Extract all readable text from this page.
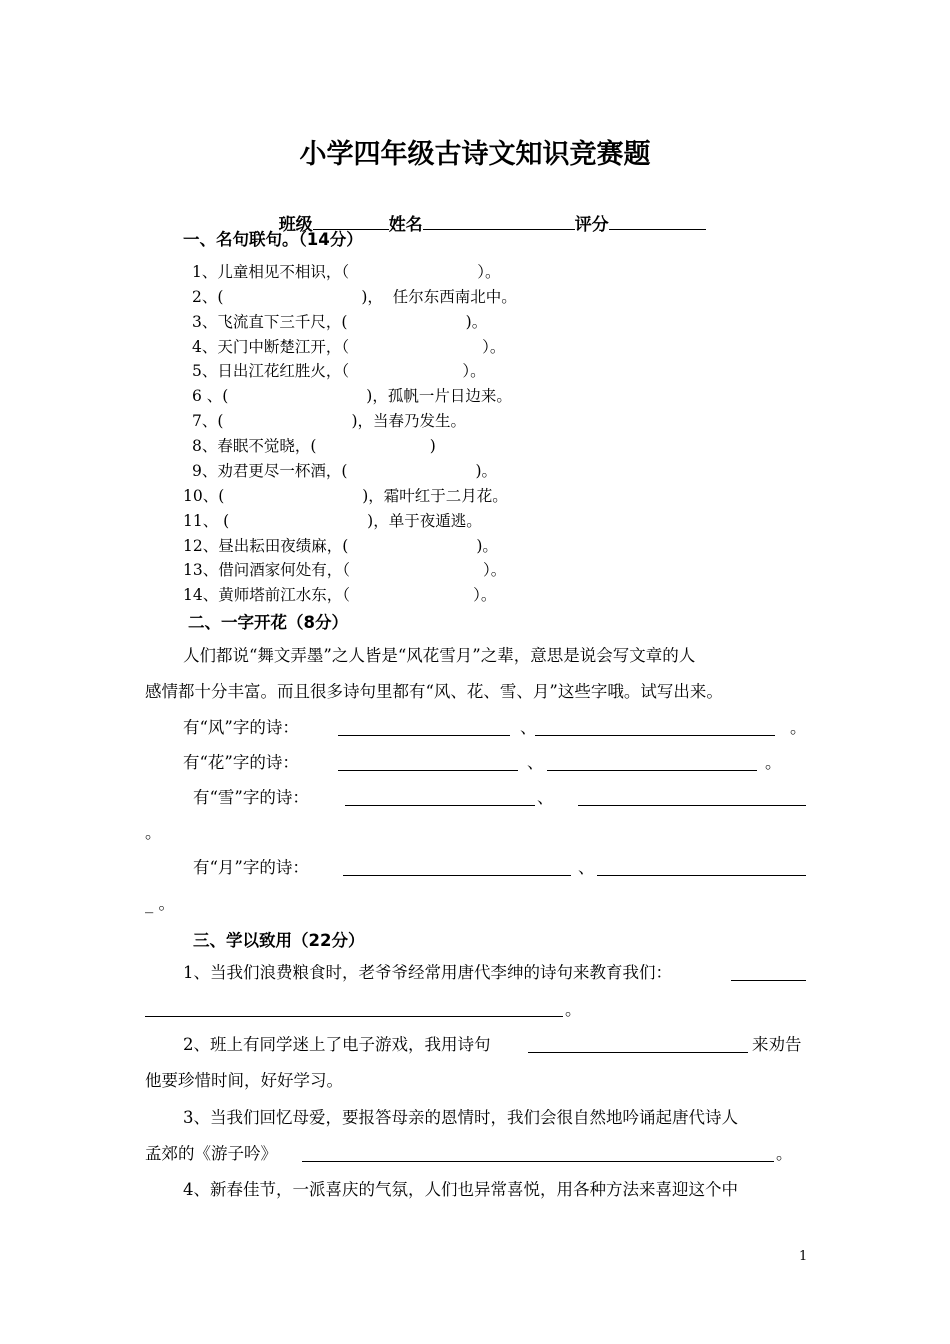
小学四年级古诗文知识竞赛题

班级	姓名	评分

一、名句联句。（14分）
1、儿童相见不相识，（                          ）。
2、(                            )，  任尔东西南北中。
3、飞流直下三千尺，(                        )。
4、天门中断楚江开，（                           ）。
5、日出江花红胜火，（                       ）。
6 、(                            )，孤帆一片日边来。
7、(                          )，当春乃发生。
8、春眠不觉晓，(                       )
9、劝君更尽一杯酒，(                          )。
10、(                            )，霜叶红于二月花。
11、 (                            )，单于夜遁逃。
12、昼出耘田夜绩麻，(                          )。
13、借问酒家何处有，（                           ）。
14、黄师塔前江水东，（                         ）。
二、一字开花（8分）
人们都说“舞文弄墨”之人皆是“风花雪月”之辈，意思是说会写文章的人
感情都十分丰富。而且很多诗句里都有“风、花、雪、月”这些字哦。试写出来。
有“风”字的诗：	、	。
有“花”字的诗：	、	。
有“雪”字的诗：	、
。
有“月”字的诗：	、
_ 。
三、学以致用（22分）
1、当我们浪费粮食时，老爷爷经常用唐代李绅的诗句来教育我们：
。
2、班上有同学迷上了电子游戏，我用诗句	来劝告
他要珍惜时间，好好学习。
3、当我们回忆母爱，要报答母亲的恩情时，我们会很自然地吟诵起唐代诗人
孟郊的《游子吟》	。
4、新春佳节，一派喜庆的气氛，人们也异常喜悦，用各种方法来喜迎这个中
1
